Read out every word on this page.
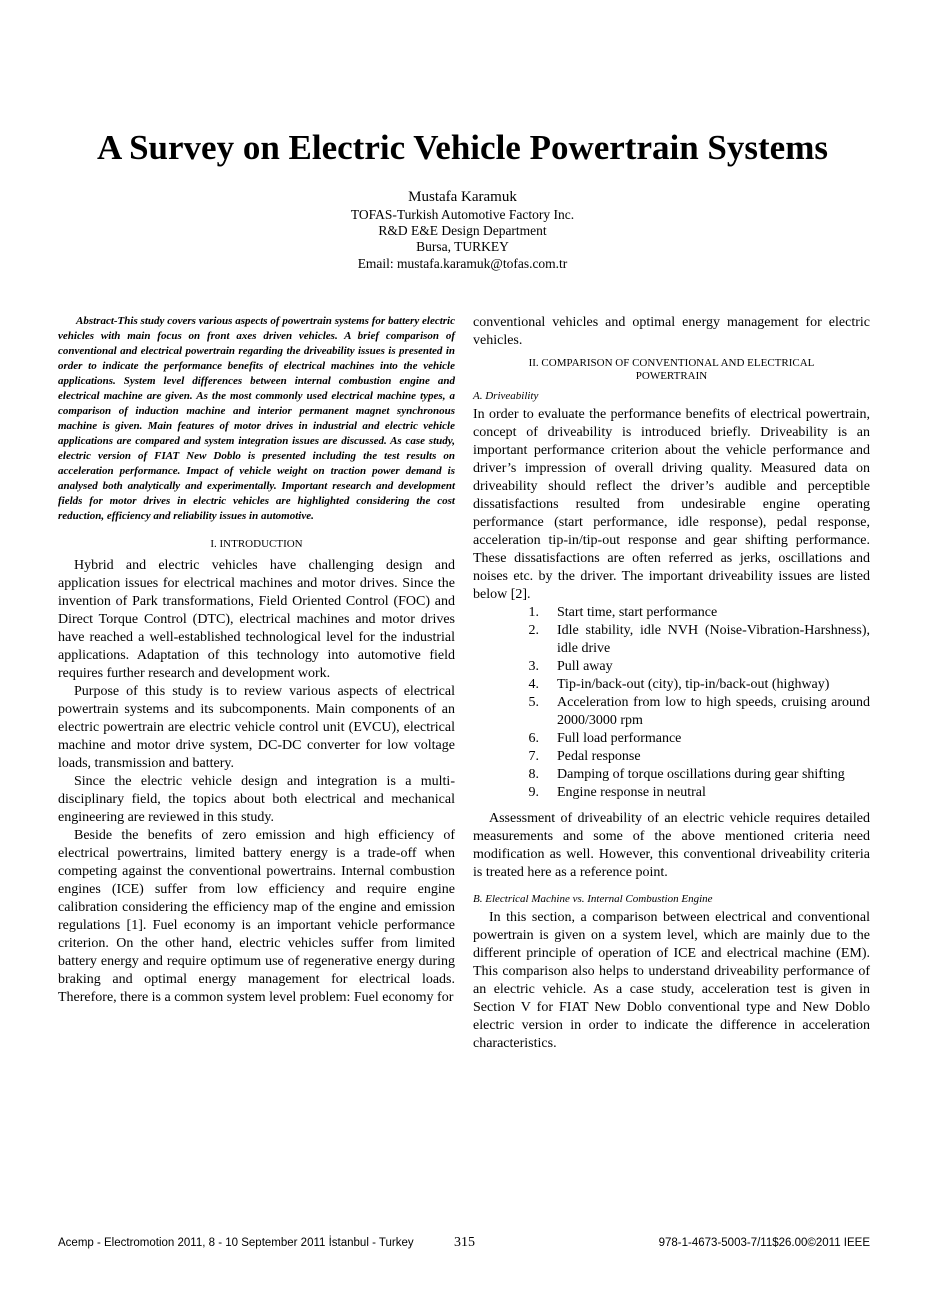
A Survey on Electric Vehicle Powertrain Systems
Mustafa Karamuk
TOFAS-Turkish Automotive Factory Inc.
R&D E&E Design Department
Bursa, TURKEY
Email: mustafa.karamuk@tofas.com.tr

Abstract-This study covers various aspects of powertrain systems for battery electric vehicles with main focus on front axes driven vehicles. A brief comparison of conventional and electrical powertrain regarding the driveability issues is presented in order to indicate the performance benefits of electrical machines into the vehicle applications. System level differences between internal combustion engine and electrical machine are given. As the most commonly used electrical machine types, a comparison of induction machine and interior permanent magnet synchronous machine is given. Main features of motor drives in industrial and electric vehicle applications are compared and system integration issues are discussed. As case study, electric version of FIAT New Doblo is presented including the test results on acceleration performance. Impact of vehicle weight on traction power demand is analysed both analytically and experimentally. Important research and development fields for motor drives in electric vehicles are highlighted considering the cost reduction, efficiency and reliability issues in automotive.

I. INTRODUCTION

Hybrid and electric vehicles have challenging design and application issues for electrical machines and motor drives. Since the invention of Park transformations, Field Oriented Control (FOC) and Direct Torque Control (DTC), electrical machines and motor drives have reached a well-established technological level for the industrial applications. Adaptation of this technology into automotive field requires further research and development work.

Purpose of this study is to review various aspects of electrical powertrain systems and its subcomponents. Main components of an electric powertrain are electric vehicle control unit (EVCU), electrical machine and motor drive system, DC-DC converter for low voltage loads, transmission and battery.

Since the electric vehicle design and integration is a multi-disciplinary field, the topics about both electrical and mechanical engineering are reviewed in this study.

Beside the benefits of zero emission and high efficiency of electrical powertrains, limited battery energy is a trade-off when competing against the conventional powertrains. Internal combustion engines (ICE) suffer from low efficiency and require engine calibration considering the efficiency map of the engine and emission regulations [1]. Fuel economy is an important vehicle performance criterion. On the other hand, electric vehicles suffer from limited battery energy and require optimum use of regenerative energy during braking and optimal energy management for electrical loads. Therefore, there is a common system level problem: Fuel economy for

conventional vehicles and optimal energy management for electric vehicles.

II. COMPARISON OF CONVENTIONAL AND ELECTRICAL
POWERTRAIN
A. Driveability

In order to evaluate the performance benefits of electrical powertrain, concept of driveability is introduced briefly. Driveability is an important performance criterion about the vehicle performance and driver’s impression of overall driving quality. Measured data on driveability should reflect the driver’s audible and perceptible dissatisfactions resulted from undesirable engine operating performance (start performance, idle response), pedal response, acceleration tip-in/tip-out response and gear shifting performance. These dissatisfactions are often referred as jerks, oscillations and noises etc. by the driver. The important driveability issues are listed below [2].

1.	Start time, start performance
2.	Idle stability, idle NVH (Noise-Vibration-Harshness), idle drive
3.	Pull away
4.	Tip-in/back-out (city), tip-in/back-out (highway)
5.	Acceleration from low to high speeds, cruising around 2000/3000 rpm
6.	Full load performance
7.	Pedal response
8.	Damping of torque oscillations during gear shifting
9.	Engine response in neutral

Assessment of driveability of an electric vehicle requires detailed measurements and some of the above mentioned criteria need modification as well. However, this conventional driveability criteria is treated here as a reference point.

B. Electrical Machine vs. Internal Combustion Engine

In this section, a comparison between electrical and conventional powertrain is given on a system level, which are mainly due to the different principle of operation of ICE and electrical machine (EM). This comparison also helps to understand driveability performance of an electric vehicle. As a case study, acceleration test is given in Section V for FIAT New Doblo conventional type and New Doblo electric version in order to indicate the difference in acceleration characteristics.

Acemp - Electromotion 2011, 8 - 10 September 2011 İstanbul - Turkey	315	978-1-4673-5003-7/11$26.00©2011 IEEE
